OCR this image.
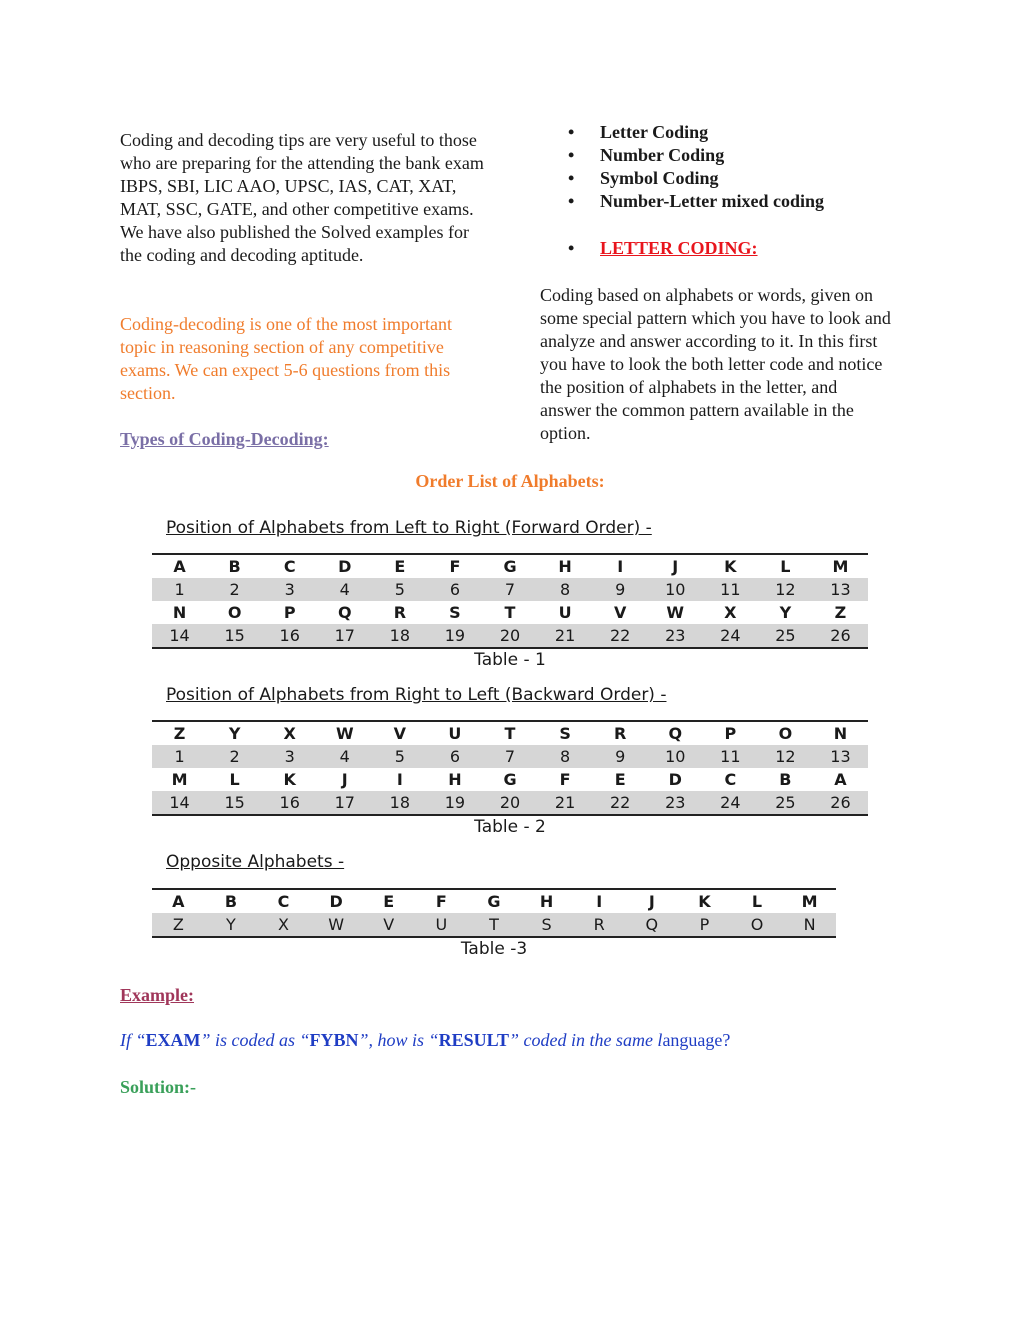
Coding and decoding tips are very useful to those who are preparing for the attending the bank exam IBPS, SBI, LIC AAO, UPSC, IAS, CAT, XAT, MAT, SSC, GATE, and other competitive exams. We have also published the Solved examples for the coding and decoding aptitude.

Coding-decoding is one of the most important topic in reasoning section of any competitive exams. We can expect 5-6 questions from this section.

Types of Coding-Decoding:
• Letter Coding
• Number Coding
• Symbol Coding
• Number-Letter mixed coding
• LETTER CODING:

Coding based on alphabets or words, given on some special pattern which you have to look and analyze and answer according to it. In this first you have to look the both letter code and notice the position of alphabets in the letter, and answer the common pattern available in the option.

Order List of Alphabets:
Position of Alphabets from Left to Right (Forward Order) -
A	B	C	D	E	F	G	H	I	J	K	L	M
1	2	3	4	5	6	7	8	9	10	11	12	13
N	O	P	Q	R	S	T	U	V	W	X	Y	Z
14	15	16	17	18	19	20	21	22	23	24	25	26
Table - 1
Position of Alphabets from Right to Left (Backward Order) -
Z	Y	X	W	V	U	T	S	R	Q	P	O	N
1	2	3	4	5	6	7	8	9	10	11	12	13
M	L	K	J	I	H	G	F	E	D	C	B	A
14	15	16	17	18	19	20	21	22	23	24	25	26
Table - 2
Opposite Alphabets -
A	B	C	D	E	F	G	H	I	J	K	L	M
Z	Y	X	W	V	U	T	S	R	Q	P	O	N
Table -3
Example:
If “EXAM” is coded as “FYBN”, how is “RESULT” coded in the same language?
Solution:-
